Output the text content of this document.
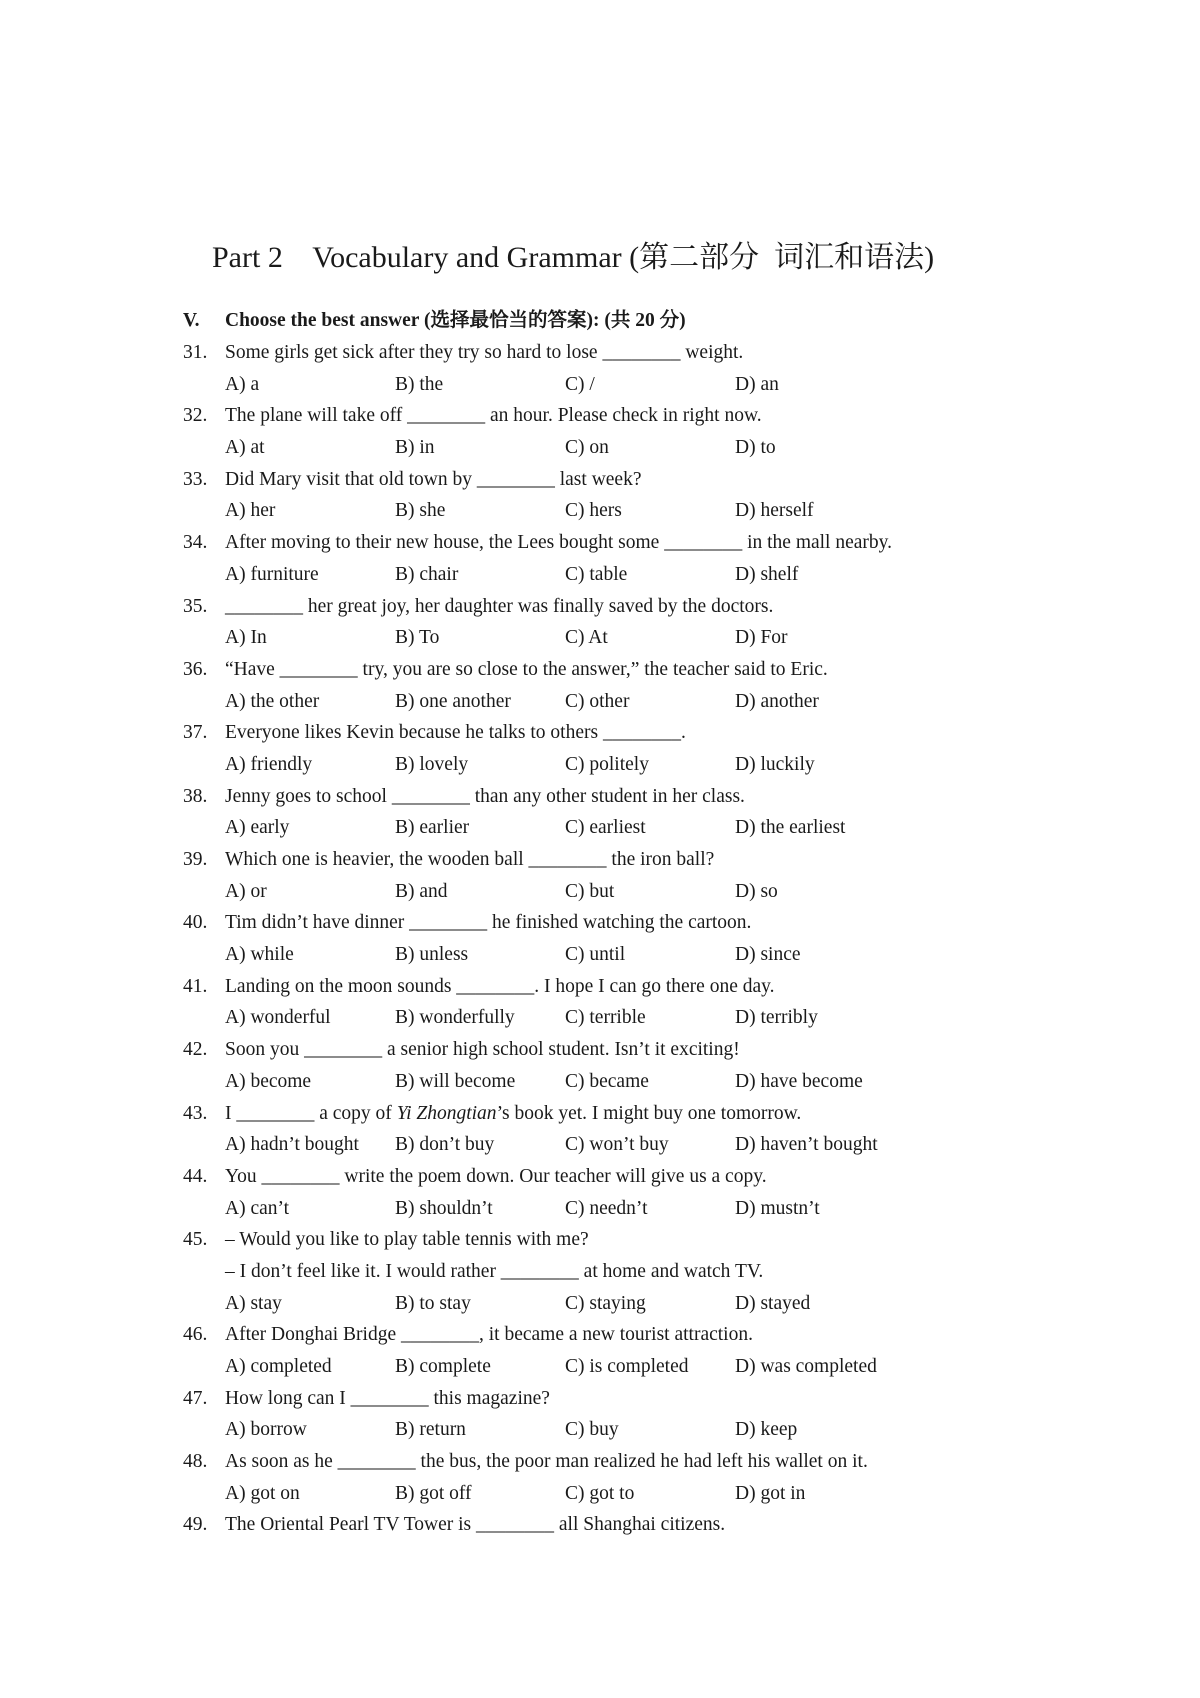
Part 2 Vocabulary and Grammar (第二部分  词汇和语法)
V. Choose the best answer (选择最恰当的答案): (共 20 分)
31. Some girls get sick after they try so hard to lose ________ weight.
A) a	B) the	C) /	D) an
32. The plane will take off ________ an hour. Please check in right now.
A) at	B) in	C) on	D) to
33. Did Mary visit that old town by ________ last week?
A) her	B) she	C) hers	D) herself
34. After moving to their new house, the Lees bought some ________ in the mall nearby.
A) furniture	B) chair	C) table	D) shelf
35. ________ her great joy, her daughter was finally saved by the doctors.
A) In	B) To	C) At	D) For
36. “Have ________ try, you are so close to the answer,” the teacher said to Eric.
A) the other	B) one another	C) other	D) another
37. Everyone likes Kevin because he talks to others ________.
A) friendly	B) lovely	C) politely	D) luckily
38. Jenny goes to school ________ than any other student in her class.
A) early	B) earlier	C) earliest	D) the earliest
39. Which one is heavier, the wooden ball ________ the iron ball?
A) or	B) and	C) but	D) so
40. Tim didn’t have dinner ________ he finished watching the cartoon.
A) while	B) unless	C) until	D) since
41. Landing on the moon sounds ________. I hope I can go there one day.
A) wonderful	B) wonderfully	C) terrible	D) terribly
42. Soon you ________ a senior high school student. Isn’t it exciting!
A) become	B) will become	C) became	D) have become
43. I ________ a copy of Yi Zhongtian’s book yet. I might buy one tomorrow.
A) hadn’t bought B) don’t buy	C) won’t buy	D) haven’t bought
44. You ________ write the poem down. Our teacher will give us a copy.
A) can’t	B) shouldn’t	C) needn’t	D) mustn’t
45. – Would you like to play table tennis with me?
– I don’t feel like it. I would rather ________ at home and watch TV.
A) stay	B) to stay	C) staying	D) stayed
46. After Donghai Bridge ________, it became a new tourist attraction.
A) completed	B) complete	C) is completed D) was completed
47. How long can I ________ this magazine?
A) borrow	B) return	C) buy	D) keep
48. As soon as he ________ the bus, the poor man realized he had left his wallet on it.
A) got on	B) got off	C) got to	D) got in
49. The Oriental Pearl TV Tower is ________ all Shanghai citizens.
